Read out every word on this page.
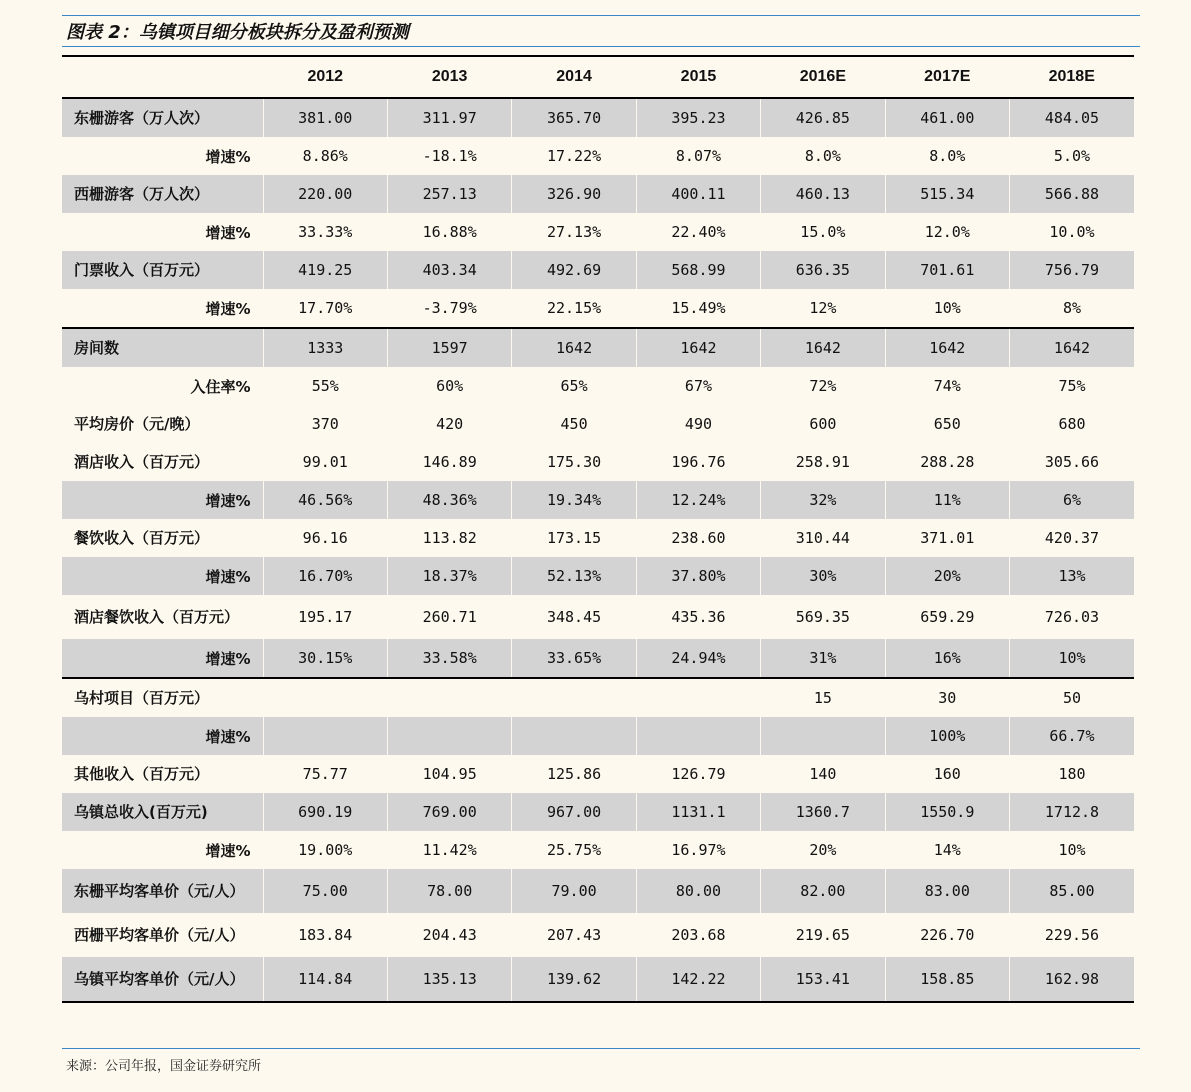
图表 2：乌镇项目细分板块拆分及盈利预测
	2012	2013	2014	2015	2016E	2017E	2018E
东栅游客（万人次）	381.00	311.97	365.70	395.23	426.85	461.00	484.05
增速%	8.86%	-18.1%	17.22%	8.07%	8.0%	8.0%	5.0%
西栅游客（万人次）	220.00	257.13	326.90	400.11	460.13	515.34	566.88
增速%	33.33%	16.88%	27.13%	22.40%	15.0%	12.0%	10.0%
门票收入（百万元）	419.25	403.34	492.69	568.99	636.35	701.61	756.79
增速%	17.70%	-3.79%	22.15%	15.49%	12%	10%	8%
房间数	1333	1597	1642	1642	1642	1642	1642
入住率%	55%	60%	65%	67%	72%	74%	75%
平均房价（元/晚）	370	420	450	490	600	650	680
酒店收入（百万元）	99.01	146.89	175.30	196.76	258.91	288.28	305.66
增速%	46.56%	48.36%	19.34%	12.24%	32%	11%	6%
餐饮收入（百万元）	96.16	113.82	173.15	238.60	310.44	371.01	420.37
增速%	16.70%	18.37%	52.13%	37.80%	30%	20%	13%
酒店餐饮收入（百万元）	195.17	260.71	348.45	435.36	569.35	659.29	726.03
增速%	30.15%	33.58%	33.65%	24.94%	31%	16%	10%
乌村项目（百万元）					15	30	50
增速%						100%	66.7%
其他收入（百万元）	75.77	104.95	125.86	126.79	140	160	180
乌镇总收入(百万元)	690.19	769.00	967.00	1131.1	1360.7	1550.9	1712.8
增速%	19.00%	11.42%	25.75%	16.97%	20%	14%	10%
东栅平均客单价（元/人）	75.00	78.00	79.00	80.00	82.00	83.00	85.00
西栅平均客单价（元/人）	183.84	204.43	207.43	203.68	219.65	226.70	229.56
乌镇平均客单价（元/人）	114.84	135.13	139.62	142.22	153.41	158.85	162.98
来源：公司年报，国金证券研究所
